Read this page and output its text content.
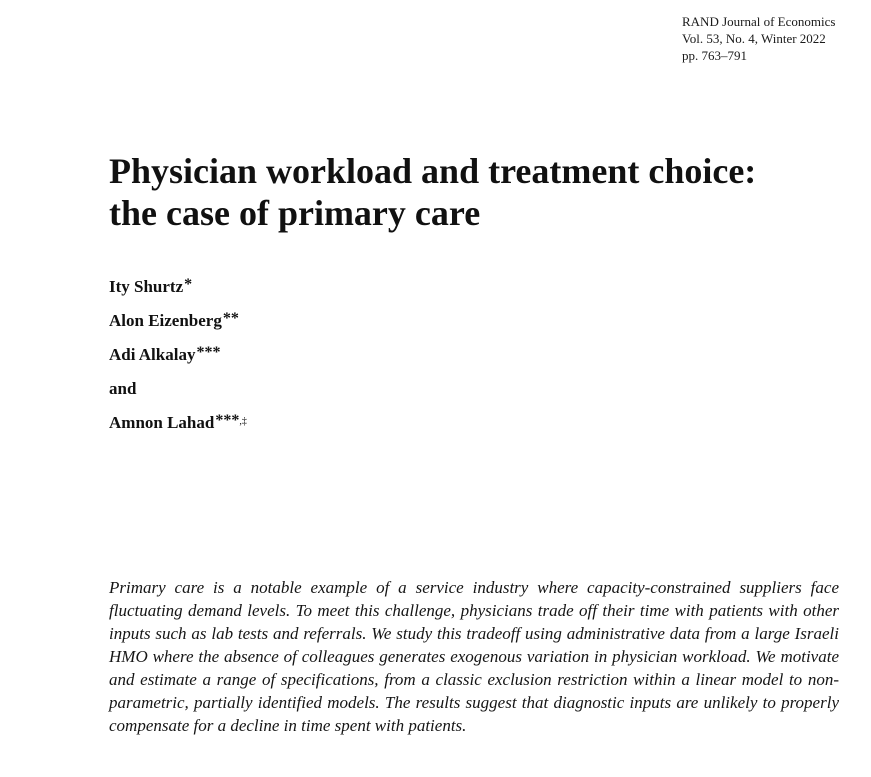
RAND Journal of Economics
Vol. 53, No. 4, Winter 2022
pp. 763–791
Physician workload and treatment choice:
the case of primary care
Ity Shurtz*
Alon Eizenberg**
Adi Alkalay***
and
Amnon Lahad***,‡

Primary care is a notable example of a service industry where capacity-constrained suppliers face fluctuating demand levels. To meet this challenge, physicians trade off their time with patients with other inputs such as lab tests and referrals. We study this tradeoff using administrative data from a large Israeli HMO where the absence of colleagues generates exogenous variation in physician workload. We motivate and estimate a range of specifications, from a classic exclusion restriction within a linear model to non-parametric, partially identified models. The results suggest that diagnostic inputs are unlikely to properly compensate for a decline in time spent with patients.
